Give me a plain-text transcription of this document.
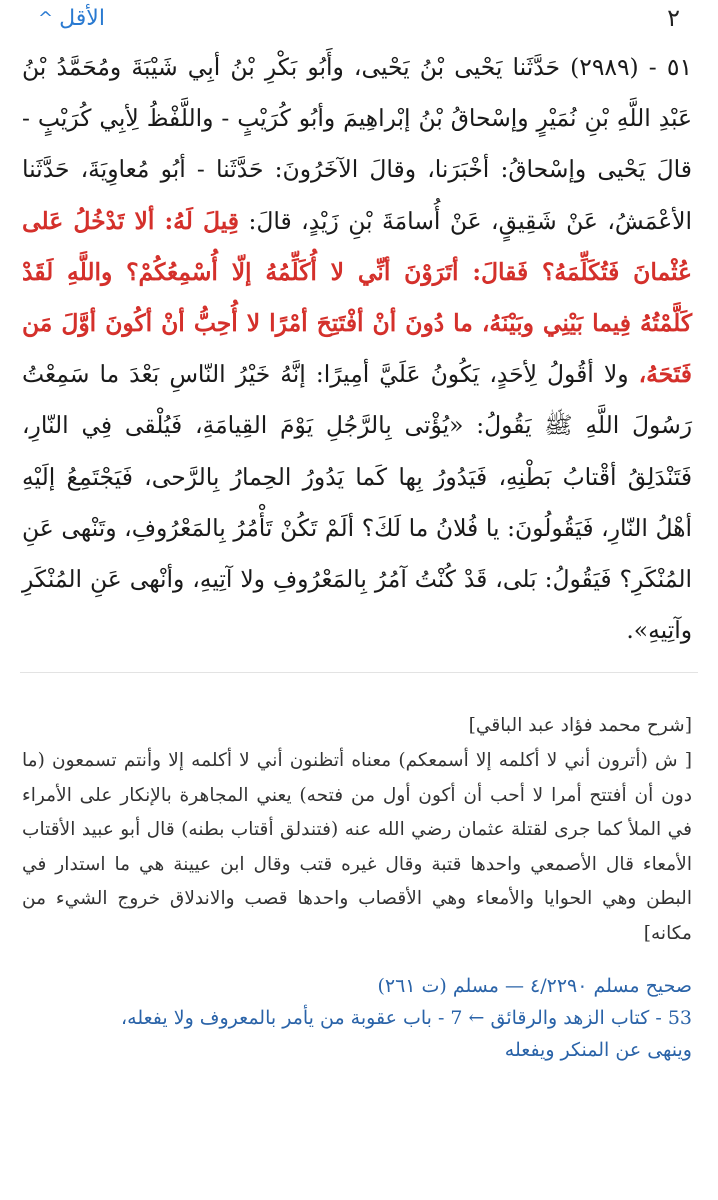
^ الأقل	٢
٥١ - (٢٩٨٩) حَدَّثَنا يَحْيى بْنُ يَحْيى، وأَبُو بَكْرِ بْنُ أبِي شَيْبَةَ ومُحَمَّدُ بْنُ عَبْدِ اللَّهِ بْنِ نُمَيْرٍ وإسْحاقُ بْنُ إبْراهِيمَ وأبُو كُرَيْبٍ - واللَّفْظُ لِأبِي كُرَيْبٍ - قالَ يَحْيى وإسْحاقُ: أخْبَرَنا، وقالَ الآخَرُونَ: حَدَّثَنا - أبُو مُعاوِيَةَ، حَدَّثَنا الأعْمَشُ، عَنْ شَقِيقٍ، عَنْ أُسامَةَ بْنِ زَيْدٍ، قالَ: قِيلَ لَهُ: ألا تَدْخُلُ عَلى عُثْمانَ فَتُكَلِّمَهُ؟ فَقالَ: أتَرَوْنَ أنِّي لا أُكَلِّمُهُ إلّا أُسْمِعُكُمْ؟ واللَّهِ لَقَدْ كَلَّمْتُهُ فِيما بَيْنِي وبَيْنَهُ، ما دُونَ أنْ أفْتَتِحَ أمْرًا لا أُحِبُّ أنْ أكُونَ أوَّلَ مَن فَتَحَهُ، ولا أقُولُ لِأحَدٍ، يَكُونُ عَلَيَّ أمِيرًا: إنَّهُ خَيْرُ النّاسِ بَعْدَ ما سَمِعْتُ رَسُولَ اللَّهِ ﷺ يَقُولُ: «يُؤْتى بِالرَّجُلِ يَوْمَ القِيامَةِ، فَيُلْقى فِي النّارِ، فَتَنْدَلِقُ أقْتابُ بَطْنِهِ، فَيَدُورُ بِها كَما يَدُورُ الحِمارُ بِالرَّحى، فَيَجْتَمِعُ إلَيْهِ أهْلُ النّارِ، فَيَقُولُونَ: يا فُلانُ ما لَكَ؟ ألَمْ تَكُنْ تَأْمُرُ بِالمَعْرُوفِ، وتَنْهى عَنِ المُنْكَرِ؟ فَيَقُولُ: بَلى، قَدْ كُنْتُ آمُرُ بِالمَعْرُوفِ ولا آتِيهِ، وأنْهى عَنِ المُنْكَرِ وآتِيهِ».
[شرح محمد فؤاد عبد الباقي]
[ ش (أترون أني لا أكلمه إلا أسمعكم) معناه أتظنون أني لا أكلمه إلا وأنتم تسمعون (ما دون أن أفتتح أمرا لا أحب أن أكون أول من فتحه) يعني المجاهرة بالإنكار على الأمراء في الملأ كما جرى لقتلة عثمان رضي الله عنه (فتندلق أقتاب بطنه) قال أبو عبيد الأقتاب الأمعاء قال الأصمعي واحدها قتبة وقال غيره قتب وقال ابن عيينة هي ما استدار في البطن وهي الحوايا والأمعاء وهي الأقصاب واحدها قصب والاندلاق خروج الشيء من مكانه]
صحيح مسلم ٤/٢٢٩٠ — مسلم (ت ٢٦١)
53 - كتاب الزهد والرقائق ← 7 - باب عقوبة من يأمر بالمعروف ولا يفعله،
وينهى عن المنكر ويفعله
